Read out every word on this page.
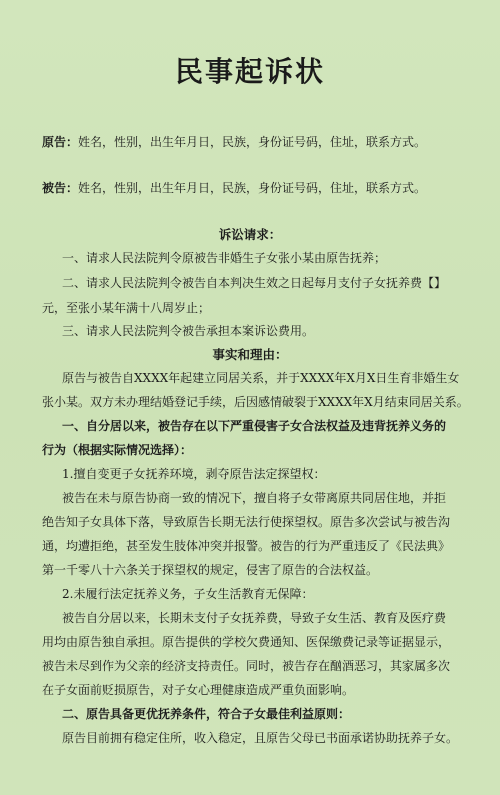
民事起诉状
原告：姓名，性别，出生年月日，民族，身份证号码，住址，联系方式。
被告：姓名，性别，出生年月日，民族，身份证号码，住址，联系方式。
诉讼请求：
一、请求人民法院判令原被告非婚生子女张小某由原告抚养；
二、请求人民法院判令被告自本判决生效之日起每月支付子女抚养费【】
元，至张小某年满十八周岁止；
三、请求人民法院判令被告承担本案诉讼费用。
事实和理由：
原告与被告自XXXX年起建立同居关系，并于XXXX年X月X日生育非婚生女
张小某。双方未办理结婚登记手续，后因感情破裂于XXXX年X月结束同居关系。
一、自分居以来，被告存在以下严重侵害子女合法权益及违背抚养义务的
行为（根据实际情况选择）：
1.擅自变更子女抚养环境，剥夺原告法定探望权：
被告在未与原告协商一致的情况下，擅自将子女带离原共同居住地，并拒
绝告知子女具体下落，导致原告长期无法行使探望权。原告多次尝试与被告沟
通，均遭拒绝，甚至发生肢体冲突并报警。被告的行为严重违反了《民法典》
第一千零八十六条关于探望权的规定，侵害了原告的合法权益。
2.未履行法定抚养义务，子女生活教育无保障：
被告自分居以来，长期未支付子女抚养费，导致子女生活、教育及医疗费
用均由原告独自承担。原告提供的学校欠费通知、医保缴费记录等证据显示，
被告未尽到作为父亲的经济支持责任。同时，被告存在酗酒恶习，其家属多次
在子女面前贬损原告，对子女心理健康造成严重负面影响。
二、原告具备更优抚养条件，符合子女最佳利益原则：
原告目前拥有稳定住所，收入稳定，且原告父母已书面承诺协助抚养子女。
